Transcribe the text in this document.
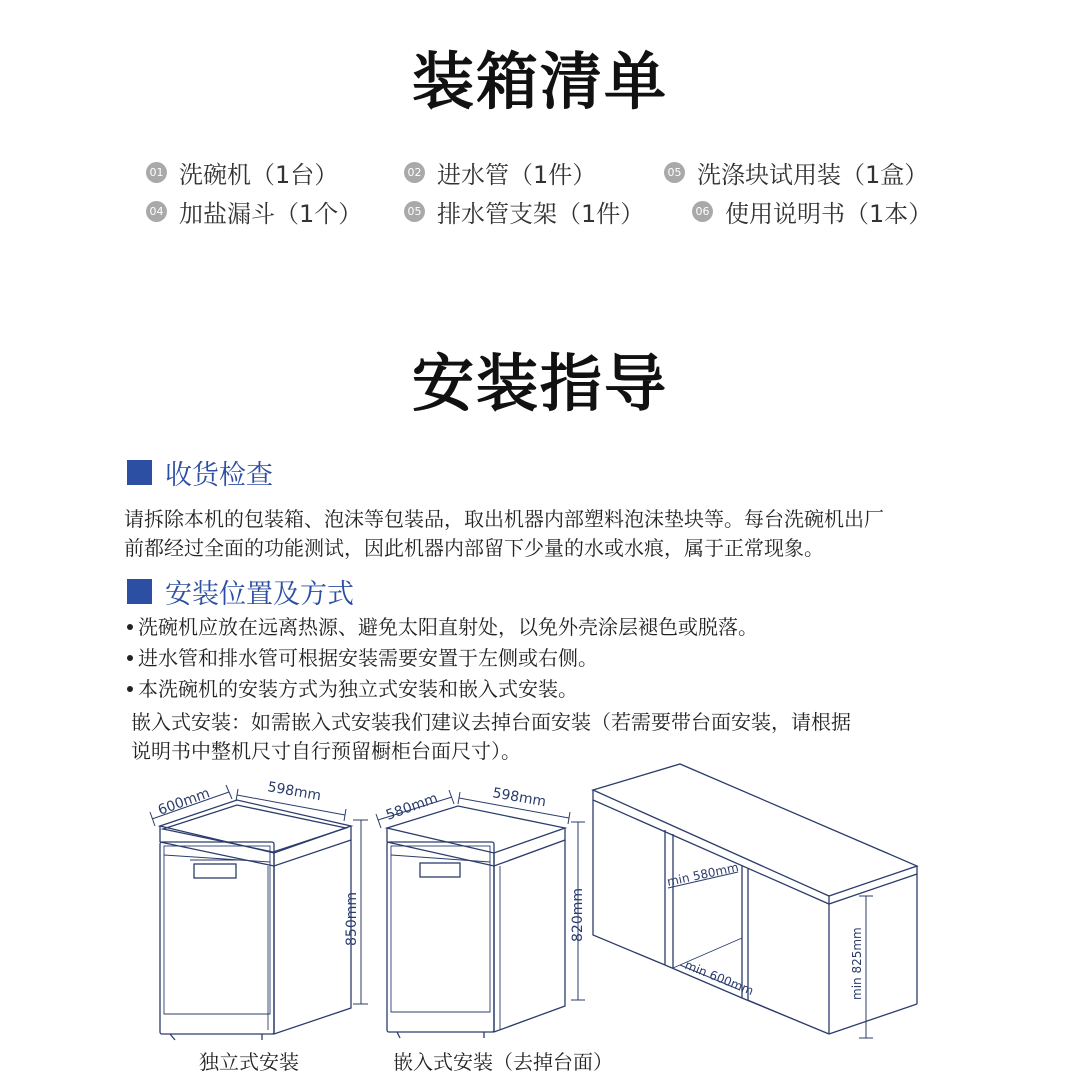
装箱清单
01 洗碗机（1台）	02 进水管（1件）	05 洗涤块试用装（1盒）
04 加盐漏斗（1个）	05 排水管支架（1件）	06 使用说明书（1本）
安装指导
收货检查
请拆除本机的包装箱、泡沫等包装品，取出机器内部塑料泡沫垫块等。每台洗碗机出厂
前都经过全面的功能测试，因此机器内部留下少量的水或水痕，属于正常现象。
安装位置及方式
洗碗机应放在远离热源、避免太阳直射处，以免外壳涂层褪色或脱落。
进水管和排水管可根据安装需要安置于左侧或右侧。
本洗碗机的安装方式为独立式安装和嵌入式安装。
嵌入式安装：如需嵌入式安装我们建议去掉台面安装（若需要带台面安装，请根据
说明书中整机尺寸自行预留橱柜台面尺寸）。
600mm	598mm
850mm
580mm	598mm
820mm
min 580mm
min 600mm	min 825mm
独立式安装	嵌入式安装（去掉台面）
